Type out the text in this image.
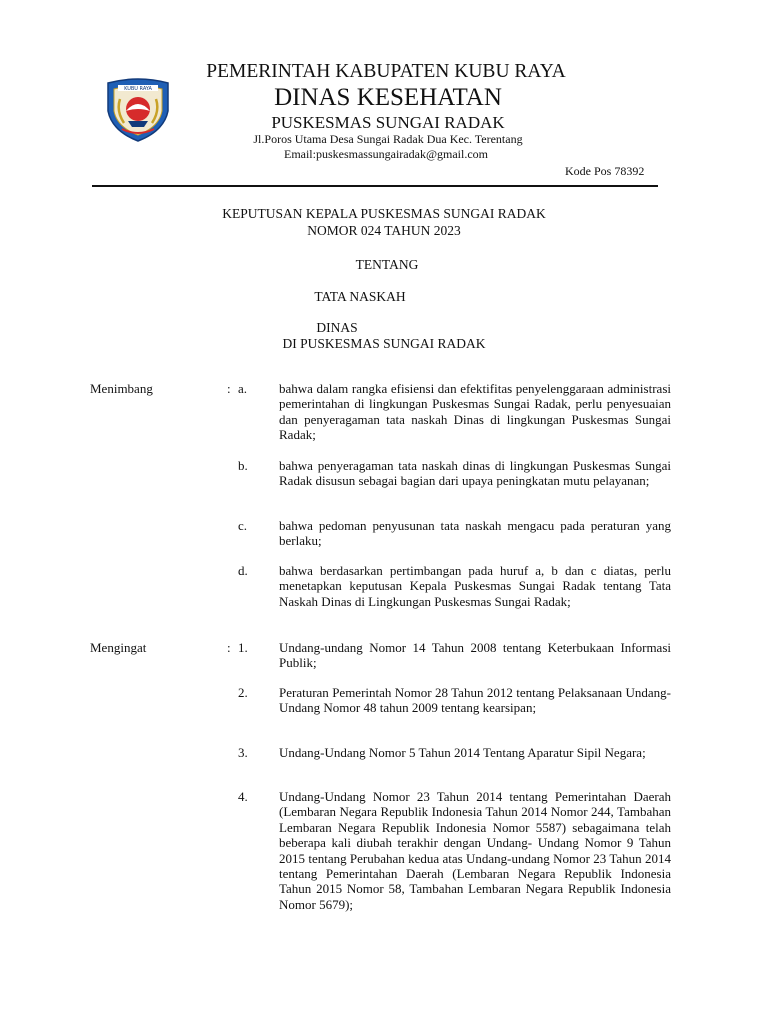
KUBU RAYA
PEMERINTAH KABUPATEN KUBU RAYA
DINAS KESEHATAN
PUSKESMAS SUNGAI RADAK
Jl.Poros Utama Desa Sungai Radak Dua Kec. Terentang
Email:puskesmassungairadak@gmail.com
Kode Pos 78392
KEPUTUSAN KEPALA PUSKESMAS SUNGAI RADAK
NOMOR 024 TAHUN 2023
TENTANG
TATA NASKAH
DINAS
DI PUSKESMAS SUNGAI RADAK
Menimbang	: a. bahwa dalam rangka efisiensi dan efektifitas penyelenggaraan administrasi pemerintahan di lingkungan Puskesmas Sungai Radak, perlu penyesuaian dan penyeragaman tata naskah Dinas di lingkungan Puskesmas Sungai Radak;

b. bahwa penyeragaman tata naskah dinas di lingkungan Puskesmas Sungai Radak disusun sebagai bagian dari upaya peningkatan mutu pelayanan;

c. bahwa pedoman penyusunan tata naskah mengacu pada peraturan yang berlaku;

d. bahwa berdasarkan pertimbangan pada huruf a, b dan c diatas, perlu menetapkan keputusan Kepala Puskesmas Sungai Radak tentang Tata Naskah Dinas di Lingkungan Puskesmas Sungai Radak;

Mengingat	: 1. Undang-undang Nomor 14 Tahun 2008 tentang Keterbukaan Informasi Publik;

2. Peraturan Pemerintah Nomor 28 Tahun 2012 tentang Pelaksanaan Undang-Undang Nomor 48 tahun 2009 tentang kearsipan;

3. Undang-Undang Nomor 5 Tahun 2014 Tentang Aparatur Sipil Negara;

4. Undang-Undang Nomor 23 Tahun 2014 tentang Pemerintahan Daerah (Lembaran Negara Republik Indonesia Tahun 2014 Nomor 244, Tambahan Lembaran Negara Republik Indonesia Nomor 5587) sebagaimana telah beberapa kali diubah terakhir dengan Undang- Undang Nomor 9 Tahun 2015 tentang Perubahan kedua atas Undang-undang Nomor 23 Tahun 2014 tentang Pemerintahan Daerah (Lembaran Negara Republik Indonesia Tahun 2015 Nomor 58, Tambahan Lembaran Negara Republik Indonesia Nomor 5679);
